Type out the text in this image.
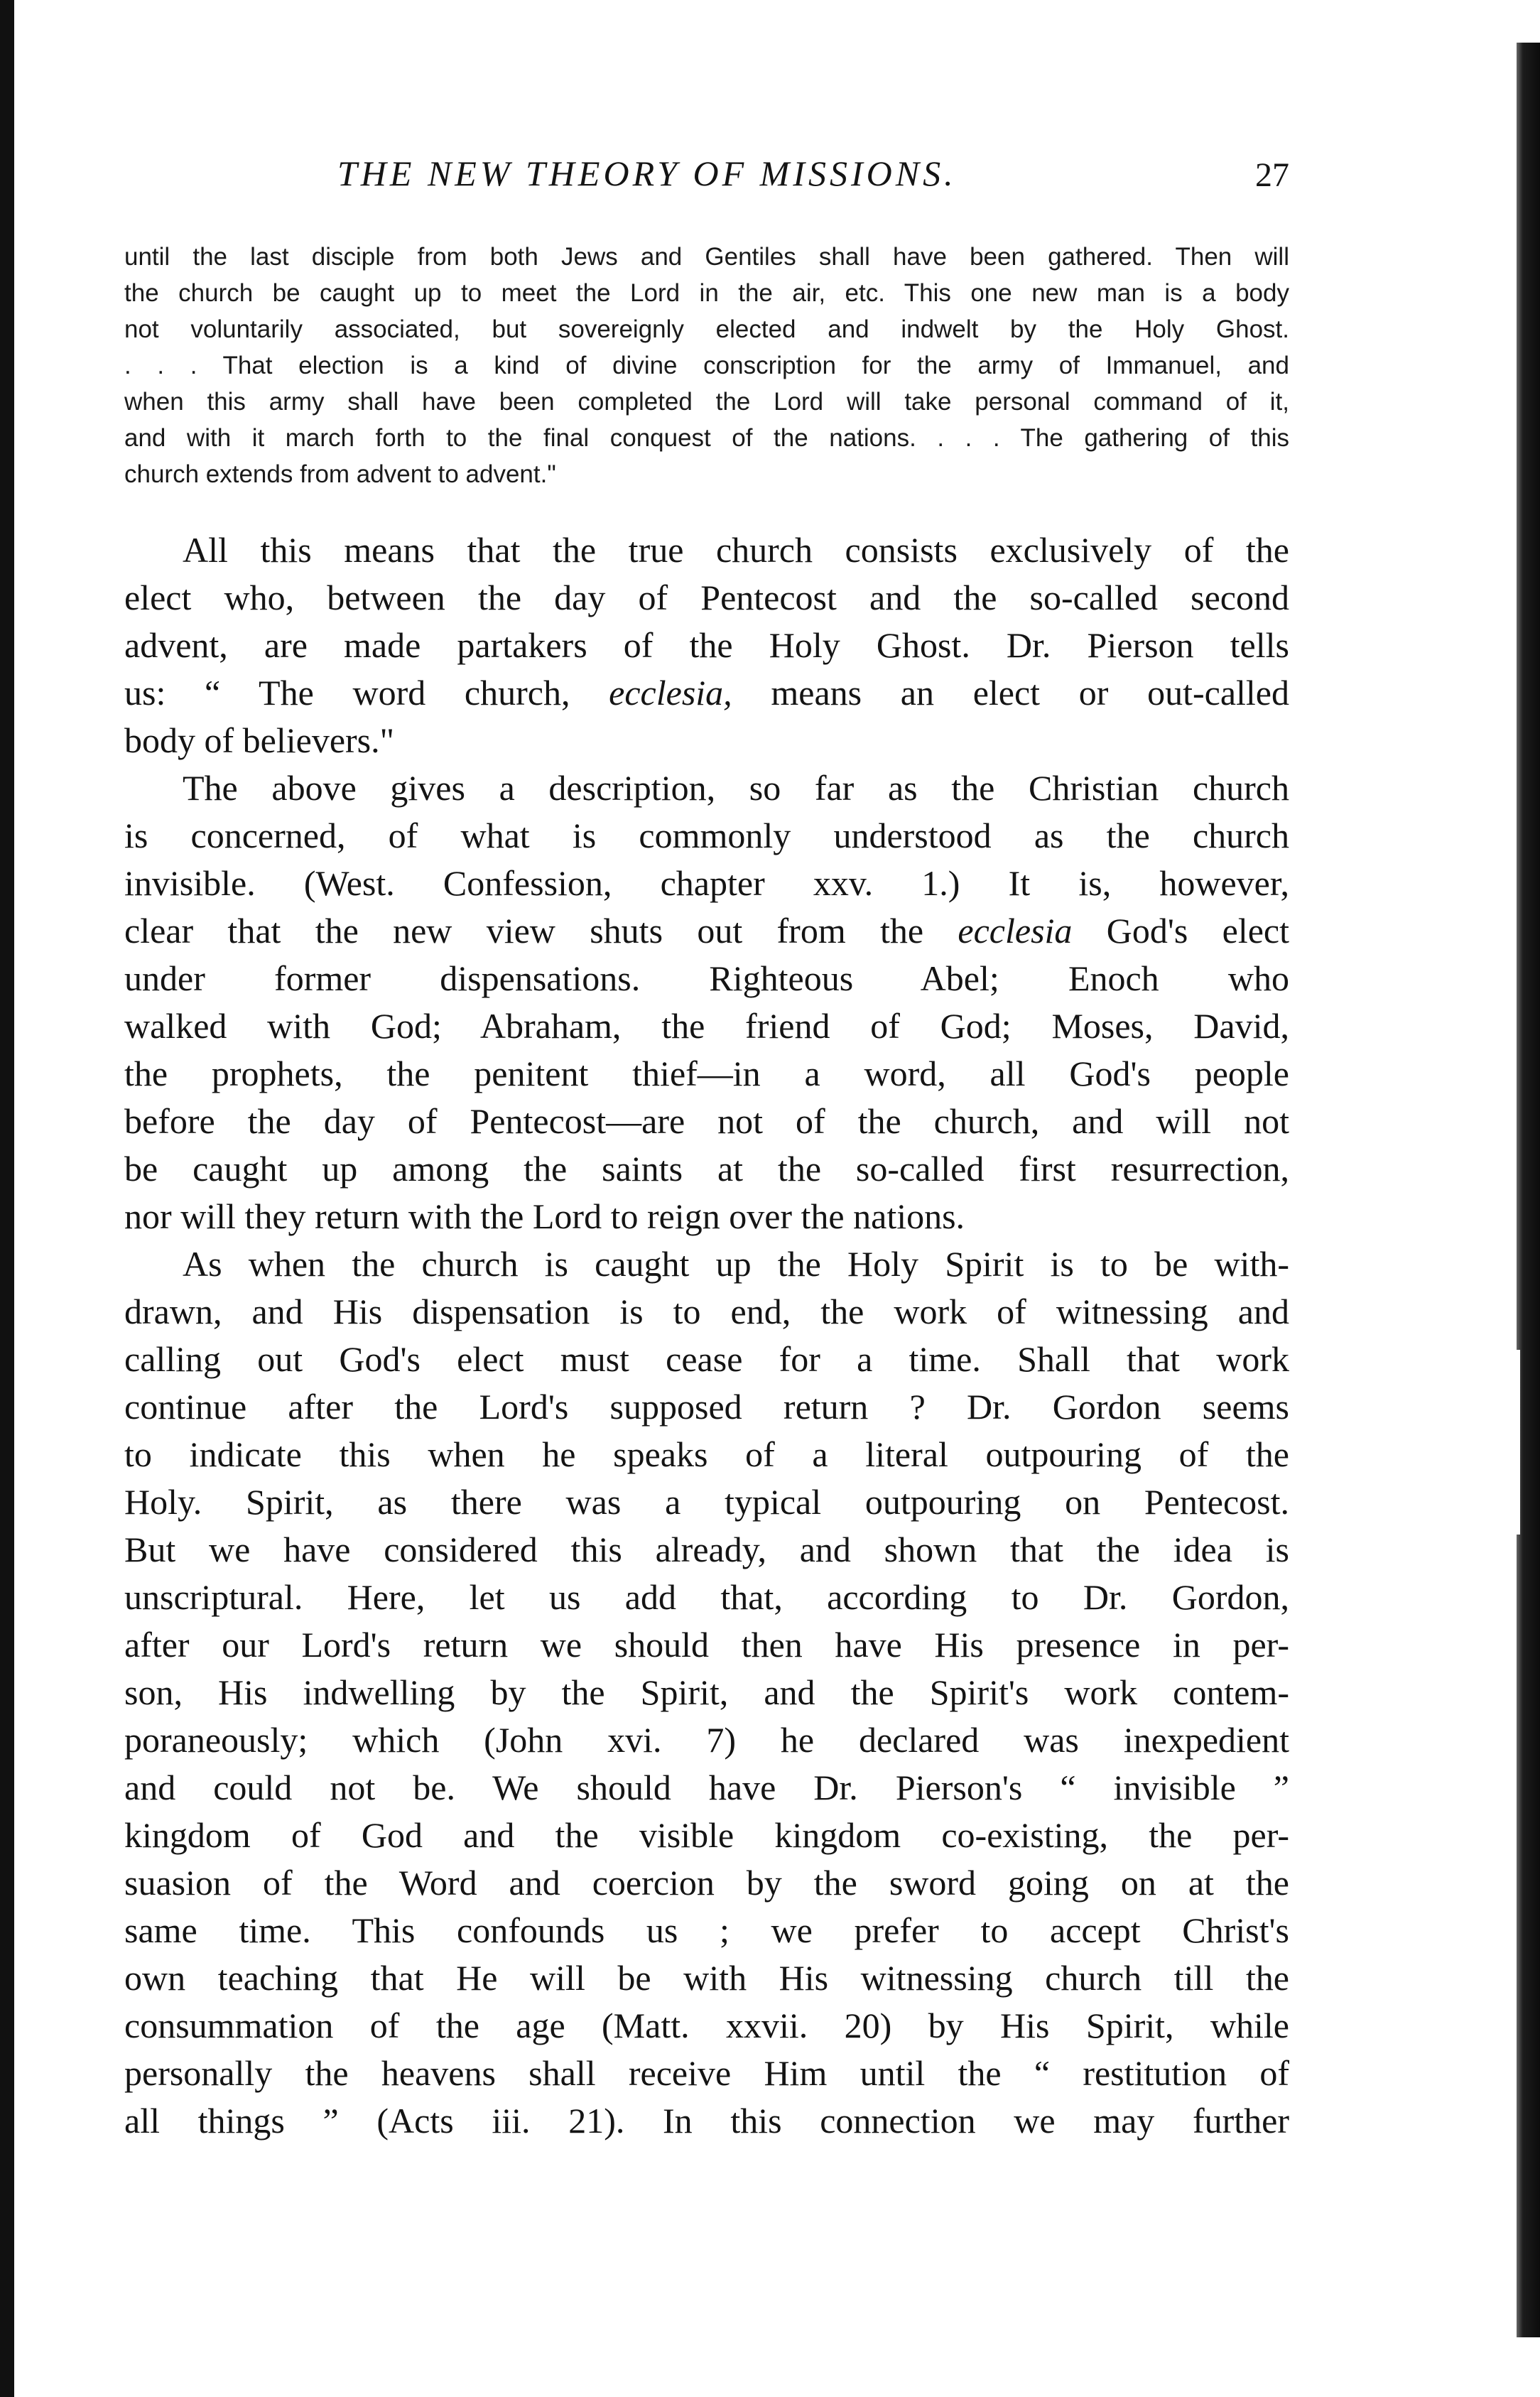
THE NEW THEORY OF MISSIONS.	27
until the last disciple from both Jews and Gentiles shall have been gathered. Then will
the church be caught up to meet the Lord in the air, etc. This one new man is a body
not voluntarily associated, but sovereignly elected and indwelt by the Holy Ghost.
. . . That election is a kind of divine conscription for the army of Immanuel, and
when this army shall have been completed the Lord will take personal command of it,
and with it march forth to the final conquest of the nations. . . . The gathering of this
church extends from advent to advent."
All this means that the true church consists exclusively of the
elect who, between the day of Pentecost and the so-called second
advent, are made partakers of the Holy Ghost. Dr. Pierson tells
us: “ The word church, ecclesia, means an elect or out-called
body of believers."
The above gives a description, so far as the Christian church
is concerned, of what is commonly understood as the church
invisible. (West. Confession, chapter xxv. 1.) It is, however,
clear that the new view shuts out from the ecclesia God's elect
under former dispensations. Righteous Abel; Enoch who
walked with God; Abraham, the friend of God; Moses, David,
the prophets, the penitent thief—in a word, all God's people
before the day of Pentecost—are not of the church, and will not
be caught up among the saints at the so-called first resurrection,
nor will they return with the Lord to reign over the nations.
As when the church is caught up the Holy Spirit is to be with-
drawn, and His dispensation is to end, the work of witnessing and
calling out God's elect must cease for a time. Shall that work
continue after the Lord's supposed return ? Dr. Gordon seems
to indicate this when he speaks of a literal outpouring of the
Holy. Spirit, as there was a typical outpouring on Pentecost.
But we have considered this already, and shown that the idea is
unscriptural. Here, let us add that, according to Dr. Gordon,
after our Lord's return we should then have His presence in per-
son, His indwelling by the Spirit, and the Spirit's work contem-
poraneously; which (John xvi. 7) he declared was inexpedient
and could not be. We should have Dr. Pierson's “ invisible ”
kingdom of God and the visible kingdom co-existing, the per-
suasion of the Word and coercion by the sword going on at the
same time. This confounds us ; we prefer to accept Christ's
own teaching that He will be with His witnessing church till the
consummation of the age (Matt. xxvii. 20) by His Spirit, while
personally the heavens shall receive Him until the “ restitution of
all things ” (Acts iii. 21). In this connection we may further
